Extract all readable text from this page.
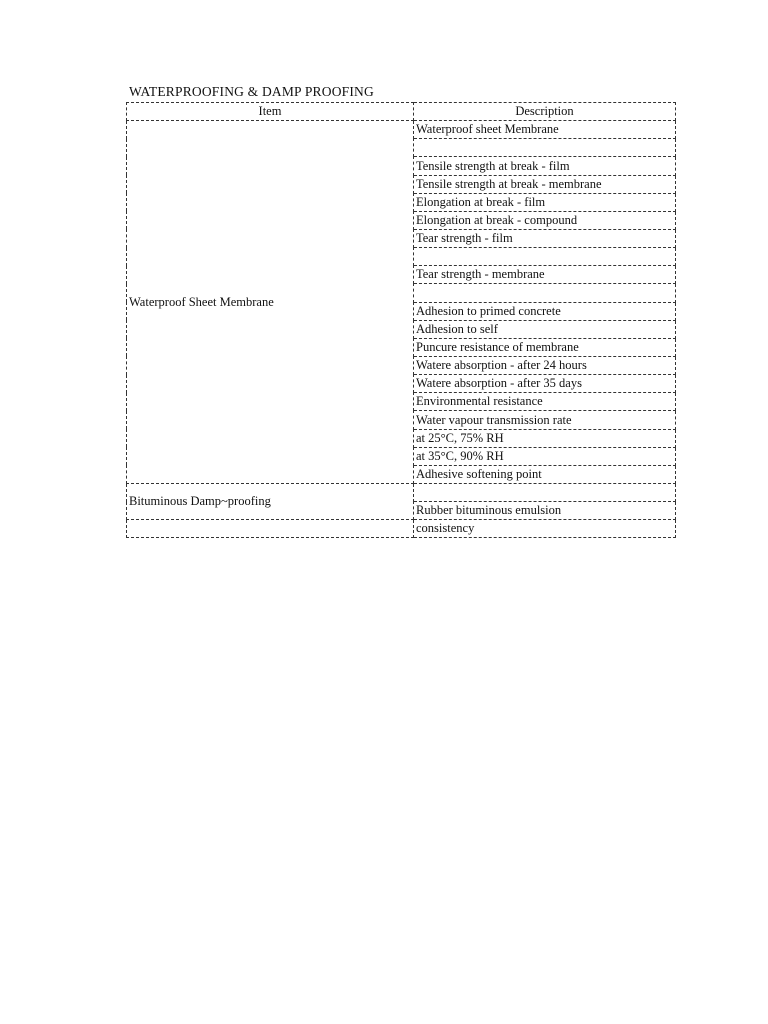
WATERPROOFING & DAMP PROOFING
Item	Description
Waterproof Sheet Membrane	Waterproof sheet Membrane

	Tensile strength at break - film
	Tensile strength at break - membrane
	Elongation at break - film
	Elongation at break - compound
	Tear strength - film

	Tear strength - membrane

	Adhesion to primed concrete
	Adhesion to self
	Puncure resistance of membrane
	Watere absorption - after 24 hours
	Watere absorption - after 35 days
	Environmental resistance
	Water vapour transmission rate
	at 25°C, 75% RH
	at 35°C, 90% RH
	Adhesive softening point
Bituminous Damp~proofing	
	Rubber bituminous emulsion
	consistency
